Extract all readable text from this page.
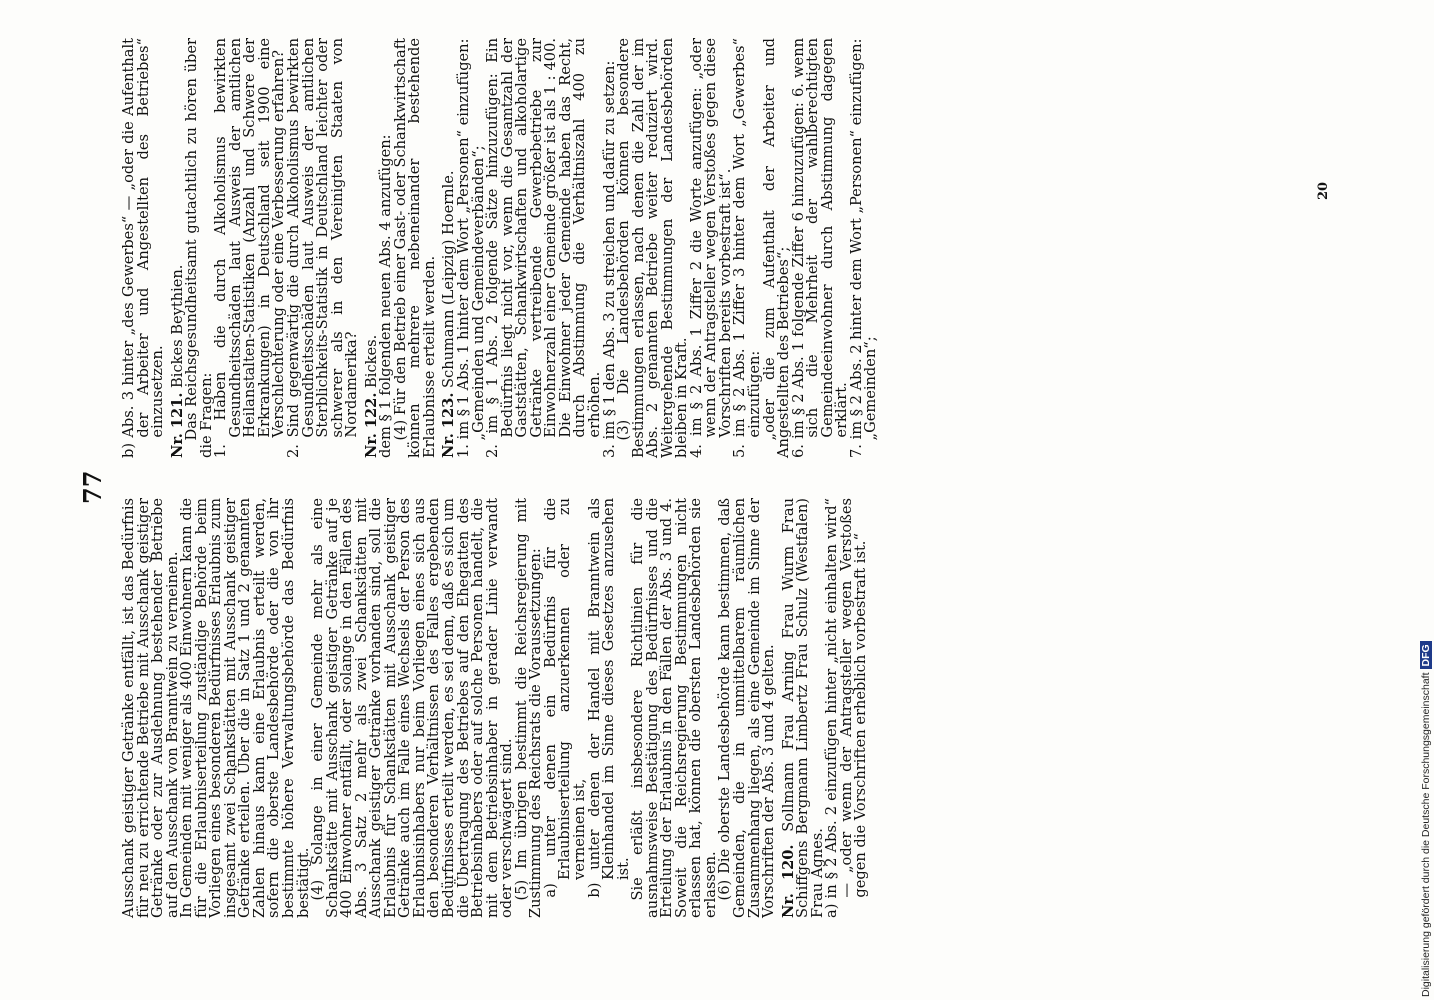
77

Ausschank geistiger Getränke entfällt, ist das Bedürfnis für neu zu errichtende Betriebe mit Ausschank geistiger Getränke oder zur Ausdehnung bestehender Betriebe auf den Ausschank von Branntwein zu verneinen.

In Gemeinden mit weniger als 400 Einwohnern kann die für die Erlaubniserteilung zuständige Behörde beim Vorliegen eines besonderen Bedürfnisses Erlaubnis zum insgesamt zwei Schankstätten mit Ausschank geistiger Getränke erteilen. Über die in Satz 1 und 2 genannten Zahlen hinaus kann eine Erlaubnis erteilt werden, sofern die oberste Landesbehörde oder die von ihr bestimmte höhere Verwaltungsbehörde das Bedürfnis bestätigt.

(4) Solange in einer Gemeinde mehr als eine Schankstätte mit Ausschank geistiger Getränke auf je 400 Einwohner entfällt, oder solange in den Fällen des Abs. 3 Satz 2 mehr als zwei Schankstätten mit Ausschank geistiger Getränke vorhanden sind, soll die Erlaubnis für Schankstätten mit Ausschank geistiger Getränke auch im Falle eines Wechsels der Person des Erlaubnisinhabers nur beim Vorliegen eines sich aus den besonderen Verhältnissen des Falles ergebenden Bedürfnisses erteilt werden, es sei denn, daß es sich um die Übertragung des Betriebes auf den Ehegatten des Betriebsinhabers oder auf solche Personen handelt, die mit dem Betriebsinhaber in gerader Linie verwandt oder verschwägert sind.

(5) Im übrigen bestimmt die Reichsregierung mit Zustimmung des Reichsrats die Voraussetzungen:

a) unter denen ein Bedürfnis für die Erlaubniserteilung anzuerkennen oder zu verneinen ist,

b) unter denen der Handel mit Branntwein als Kleinhandel im Sinne dieses Gesetzes anzusehen ist.

Sie erläßt insbesondere Richtlinien für die ausnahmsweise Bestätigung des Bedürfnisses und die Erteilung der Erlaubnis in den Fällen der Abs. 3 und 4. Soweit die Reichsregierung Bestimmungen nicht erlassen hat, können die obersten Landesbehörden sie erlassen.

(6) Die oberste Landesbehörde kann bestimmen, daß Gemeinden, die in unmittelbarem räumlichen Zusammenhang liegen, als eine Gemeinde im Sinne der Vorschriften der Abs. 3 und 4 gelten. Nr. 120. Sollmann Frau Arning Frau Wurm Frau Schiffgens Bergmann Limbertz Frau Schulz (Westfalen) Frau Agnes.

a) in § 2 Abs. 2 einzufügen hinter „nicht einhalten wird“ — „oder wenn der Antragsteller wegen Verstoßes gegen die Vorschriften erheblich vorbestraft ist.“

b) Abs. 3 hinter „des Gewerbes“ — „oder die Aufenthalt der Arbeiter und Angestellten des Betriebes“ einzusetzen. Nr. 121. Bickes Beythien.

Das Reichsgesundheitsamt gutachtlich zu hören über die Fragen:

1. Haben die durch Alkoholismus bewirkten Gesundheitsschäden laut Ausweis der amtlichen Heilanstalten-Statistiken (Anzahl und Schwere der Erkrankungen) in Deutschland seit 1900 eine Verschlechterung oder eine Verbesserung erfahren?

2. Sind gegenwärtig die durch Alkoholismus bewirkten Gesundheitsschäden laut Ausweis der amtlichen Sterblichkeits-Statistik in Deutschland leichter oder schwerer als in den Vereinigten Staaten von Nordamerika? Nr. 122. Bickes.

dem § 1 folgenden neuen Abs. 4 anzufügen:

(4) Für den Betrieb einer Gast- oder Schankwirtschaft können mehrere nebeneinander bestehende Erlaubnisse erteilt werden. Nr. 123. Schumann (Leipzig) Hoernle.

1. im § 1 Abs. 1 hinter dem Wort „Personen“ einzufügen:

„Gemeinden und Gemeindeverbänden“;

2. im § 1 Abs. 2 folgende Sätze hinzuzufügen: Ein Bedürfnis liegt nicht vor, wenn die Gesamtzahl der Gaststätten, Schankwirtschaften und alkoholartige Getränke vertreibende Gewerbebetriebe zur Einwohnerzahl einer Gemeinde größer ist als 1 : 400. Die Einwohner jeder Gemeinde haben das Recht, durch Abstimmung die Verhältniszahl 400 zu erhöhen.

3. im § 1 den Abs. 3 zu streichen und dafür zu setzen:

(3) Die Landesbehörden können besondere Bestimmungen erlassen, nach denen die Zahl der im Abs. 2 genannten Betriebe weiter reduziert wird. Weitergehende Bestimmungen der Landesbehörden bleiben in Kraft.

4. im § 2 Abs. 1 Ziffer 2 die Worte anzufügen: „oder wenn der Antragsteller wegen Verstoßes gegen diese Vorschriften bereits vorbestraft ist“.

5. im § 2 Abs. 1 Ziffer 3 hinter dem Wort „Gewerbes“ einzufügen:

„oder die zum Aufenthalt der Arbeiter und Angestellten des Betriebes“;

6. im § 2 Abs. 1 folgende Ziffer 6 hinzuzufügen: 6. wenn sich die Mehrheit der wahlberechtigten Gemeindeeinwohner durch Abstimmung dagegen erklärt.

7. im § 2 Abs. 2 hinter dem Wort „Personen“ einzufügen:

„Gemeinden“;

20
Digitalisierung gefördert durch die Deutsche ForschungsgemeinschaftDFG
